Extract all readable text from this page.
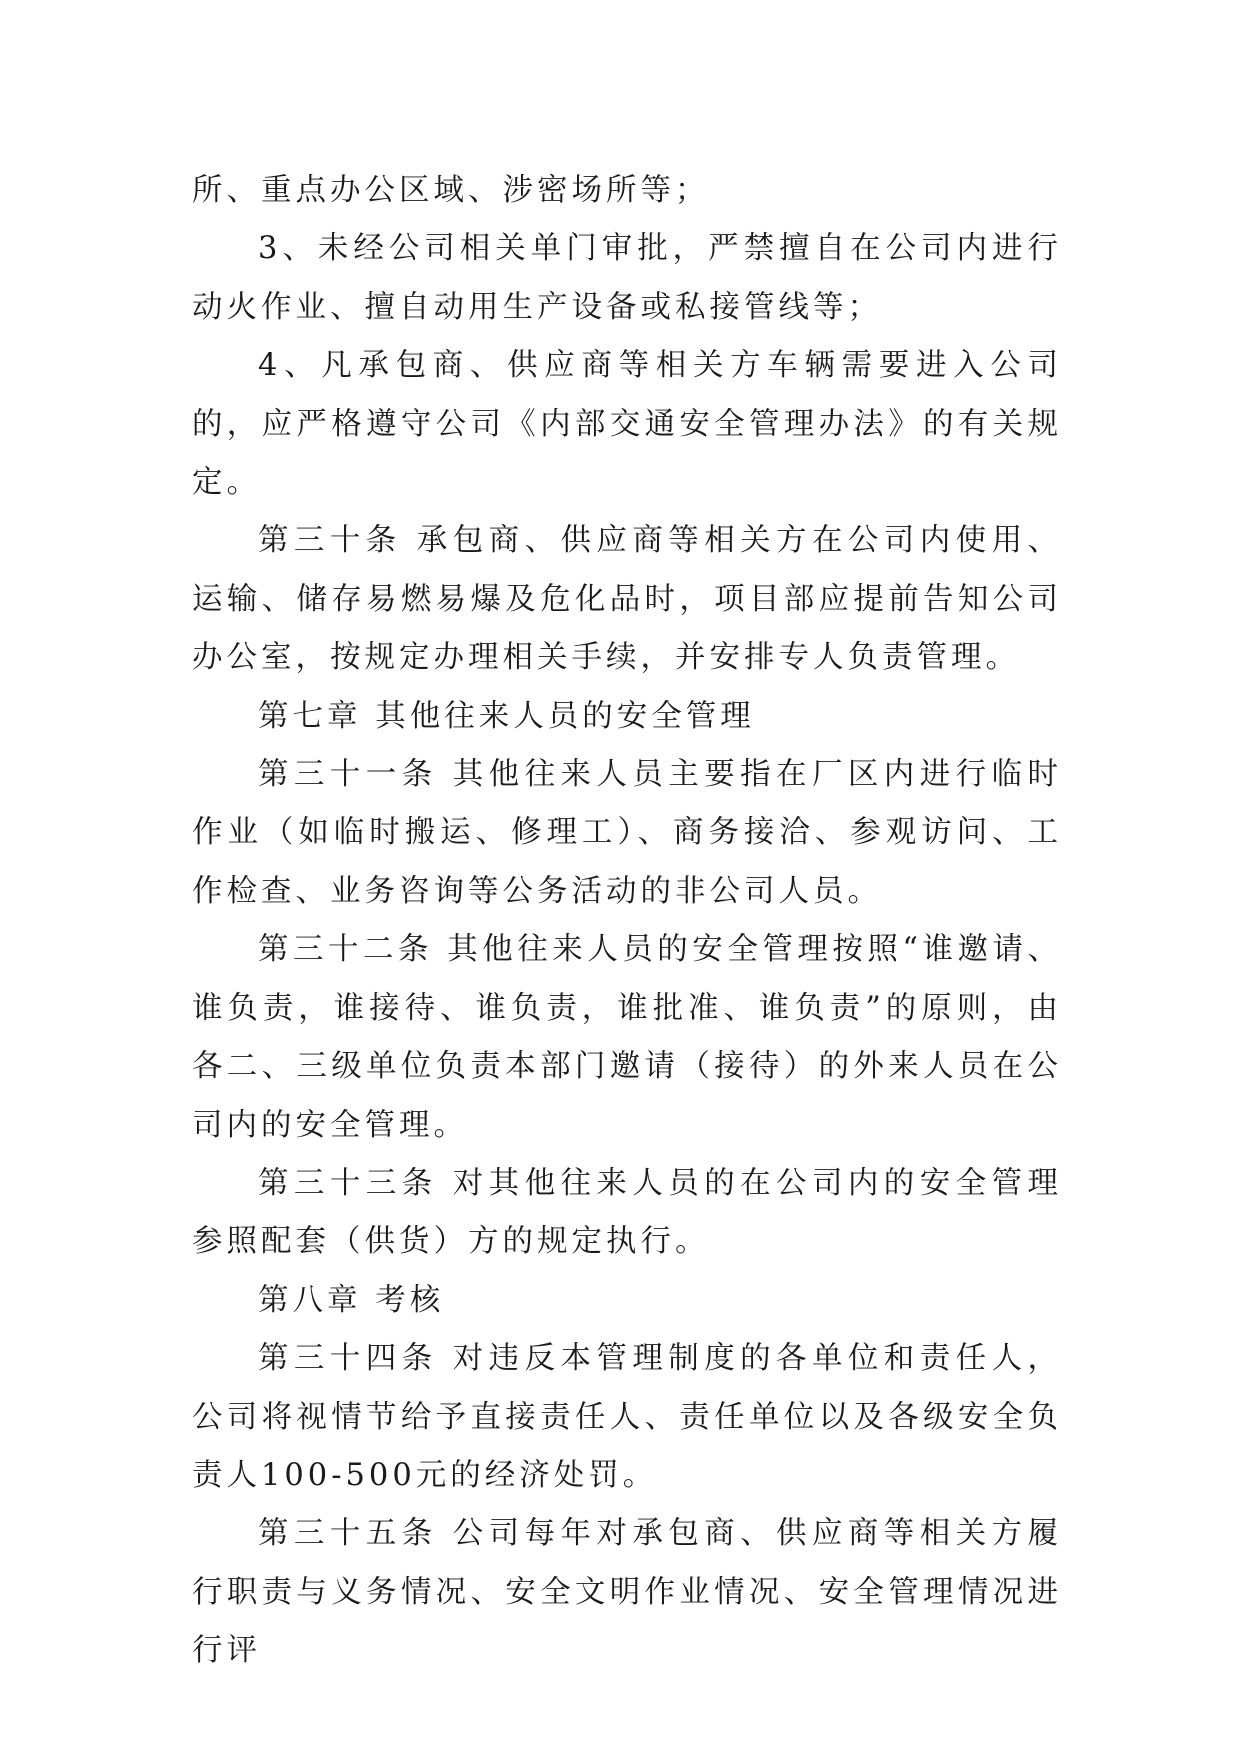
所、重点办公区域、涉密场所等；

3、未经公司相关单门审批，严禁擅自在公司内进行动火作业、擅自动用生产设备或私接管线等；

4、凡承包商、供应商等相关方车辆需要进入公司的，应严格遵守公司《内部交通安全管理办法》的有关规定。

第三十条 承包商、供应商等相关方在公司内使用、运输、储存易燃易爆及危化品时，项目部应提前告知公司办公室，按规定办理相关手续，并安排专人负责管理。

第七章 其他往来人员的安全管理

第三十一条 其他往来人员主要指在厂区内进行临时作业（如临时搬运、修理工）、商务接洽、参观访问、工作检查、业务咨询等公务活动的非公司人员。

第三十二条 其他往来人员的安全管理按照“谁邀请、谁负责，谁接待、谁负责，谁批准、谁负责”的原则，由各二、三级单位负责本部门邀请（接待）的外来人员在公司内的安全管理。

第三十三条 对其他往来人员的在公司内的安全管理参照配套（供货）方的规定执行。

第八章 考核

第三十四条 对违反本管理制度的各单位和责任人，公司将视情节给予直接责任人、责任单位以及各级安全负责人100-500元的经济处罚。

第三十五条 公司每年对承包商、供应商等相关方履行职责与义务情况、安全文明作业情况、安全管理情况进行评
